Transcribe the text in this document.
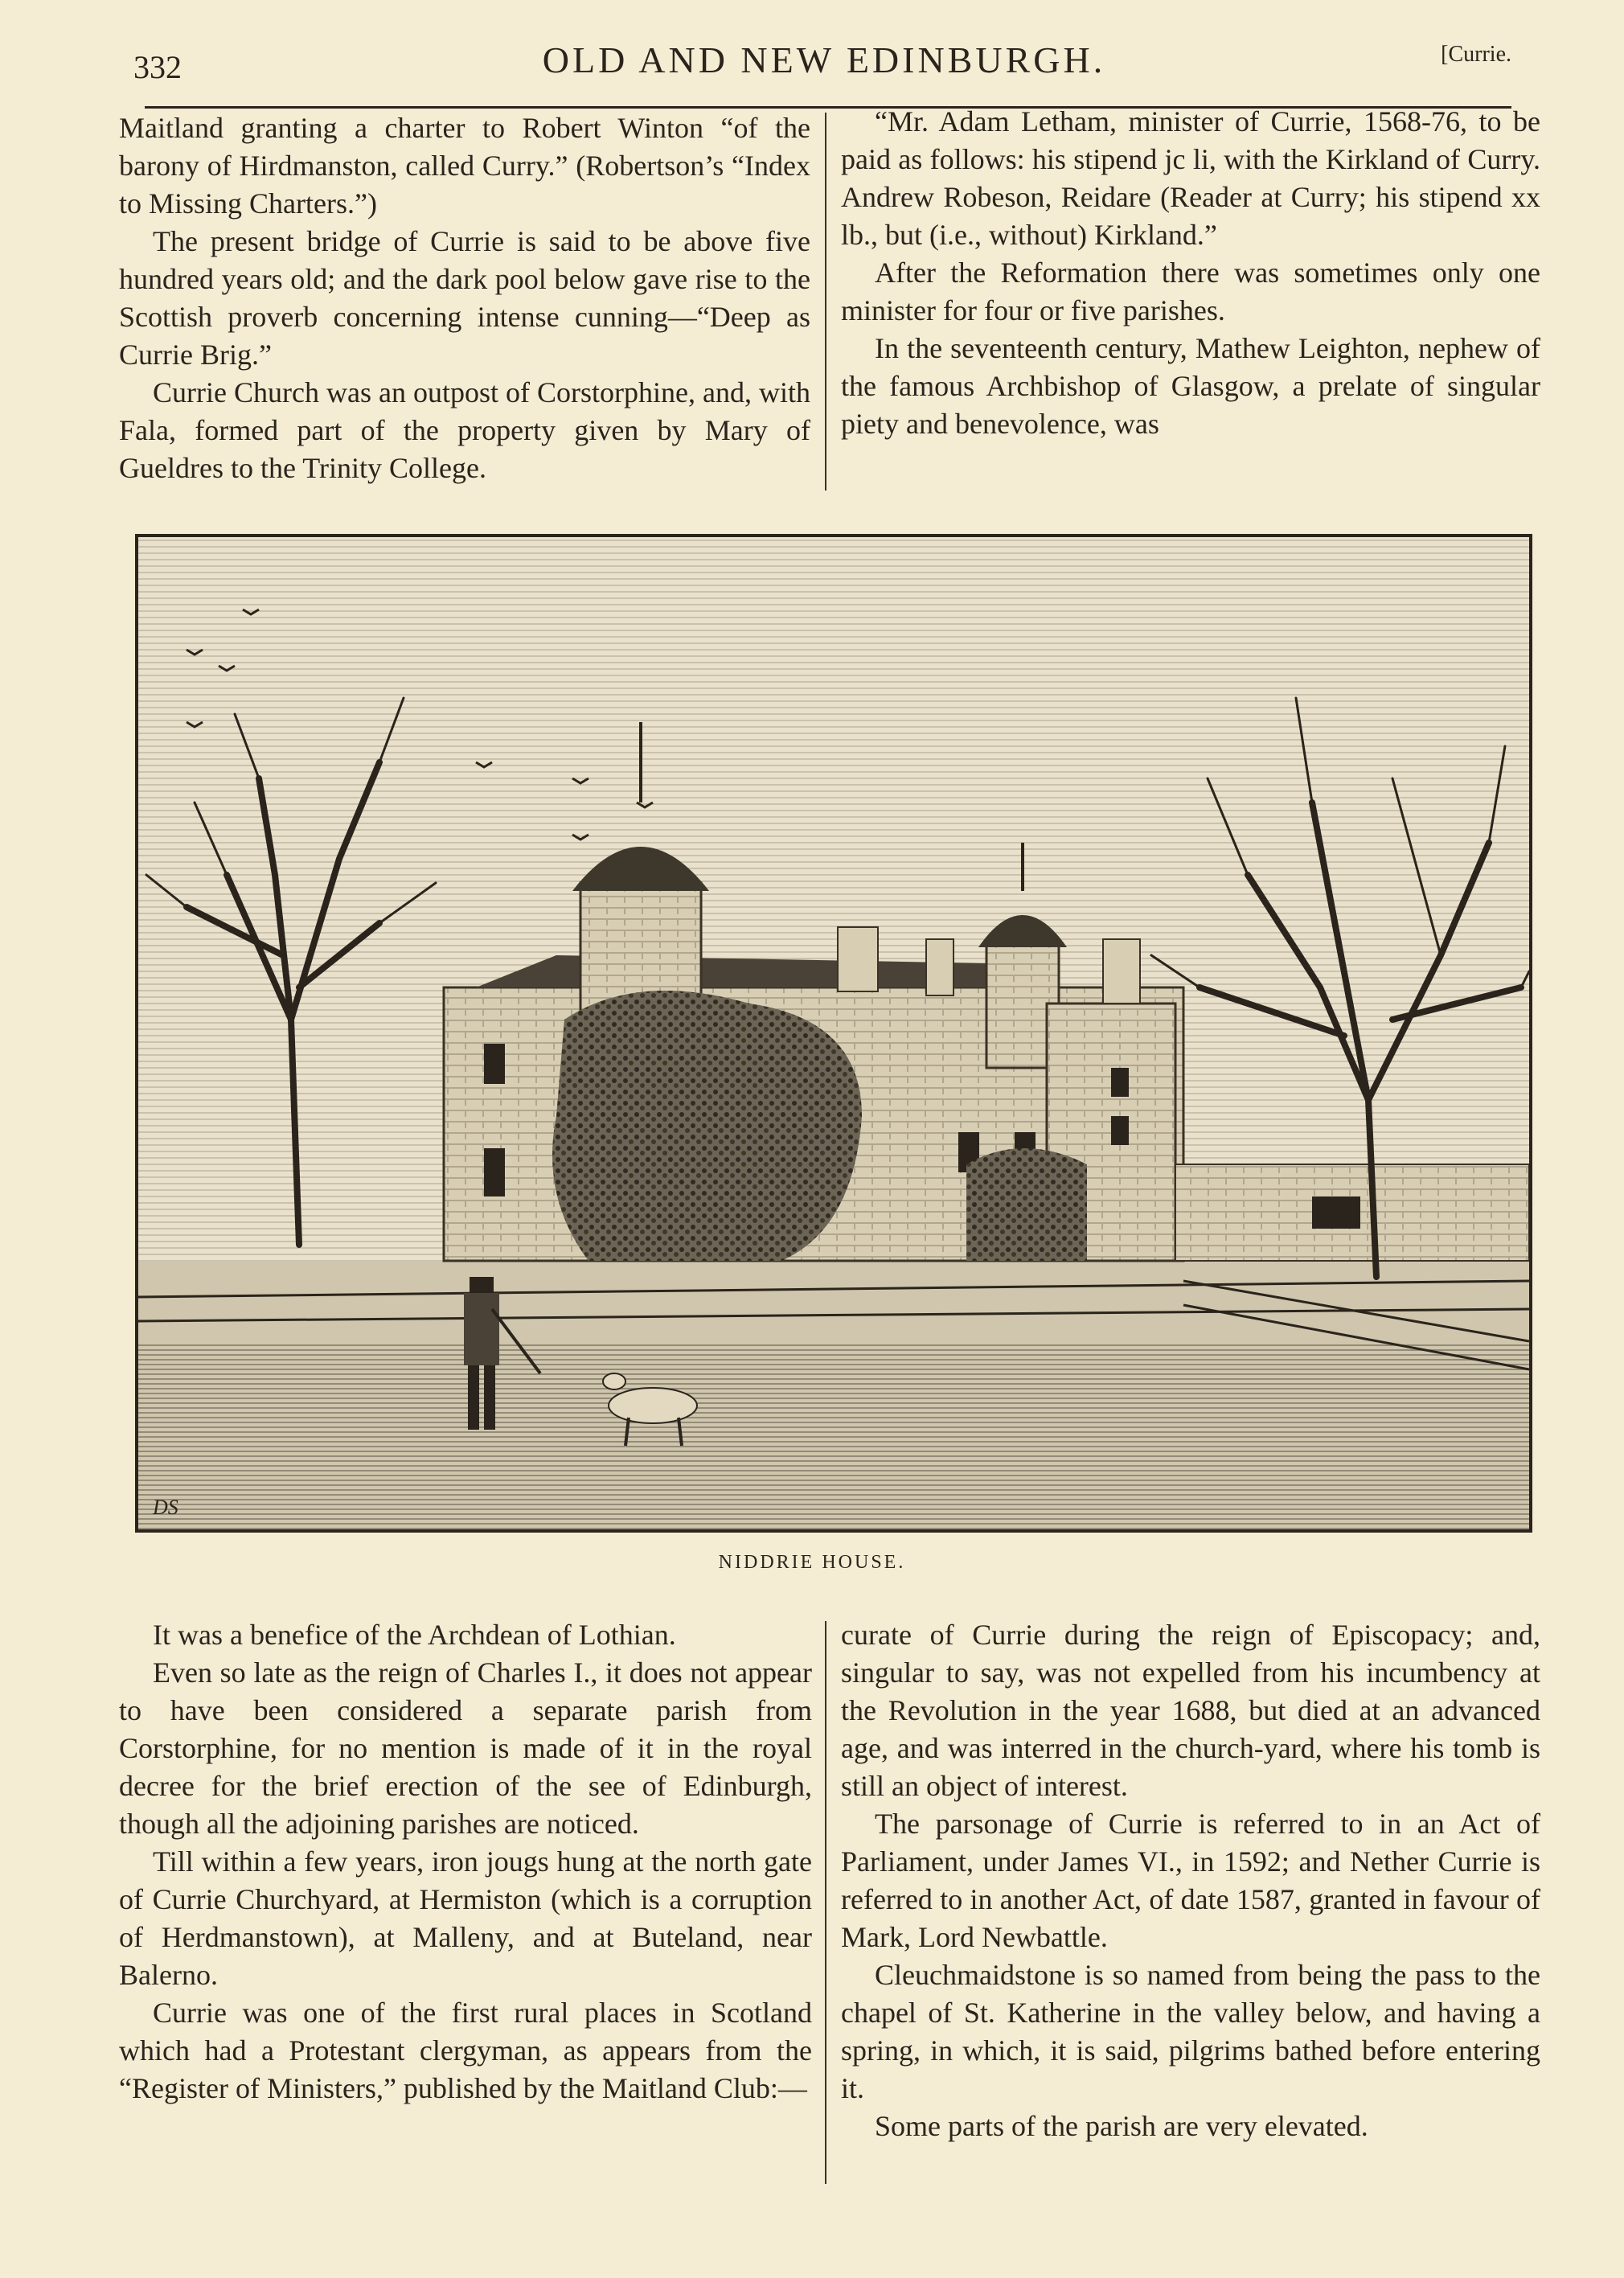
332	OLD AND NEW EDINBURGH.	[Currie.

Maitland granting a charter to Robert Winton “of the barony of Hirdmanston, called Curry.” (Robertson’s “Index to Missing Charters.”)

The present bridge of Currie is said to be above five hundred years old; and the dark pool below gave rise to the Scottish proverb concerning intense cunning—“Deep as Currie Brig.”

Currie Church was an outpost of Corstorphine, and, with Fala, formed part of the property given by Mary of Gueldres to the Trinity College.

“Mr. Adam Letham, minister of Currie, 1568-76, to be paid as follows: his stipend jc li, with the Kirkland of Curry. Andrew Robeson, Reidare (Reader at Curry; his stipend xx lb., but (i.e., without) Kirkland.”

After the Reformation there was sometimes only one minister for four or five parishes.

In the seventeenth century, Mathew Leighton, nephew of the famous Archbishop of Glasgow, a prelate of singular piety and benevolence, was

DS
NIDDRIE HOUSE.

It was a benefice of the Archdean of Lothian.

Even so late as the reign of Charles I., it does not appear to have been considered a separate parish from Corstorphine, for no mention is made of it in the royal decree for the brief erection of the see of Edinburgh, though all the adjoining parishes are noticed.

Till within a few years, iron jougs hung at the north gate of Currie Churchyard, at Hermiston (which is a corruption of Herdmanstown), at Malleny, and at Buteland, near Balerno.

Currie was one of the first rural places in Scotland which had a Protestant clergyman, as appears from the “Register of Ministers,” published by the Maitland Club:—

curate of Currie during the reign of Episcopacy; and, singular to say, was not expelled from his incumbency at the Revolution in the year 1688, but died at an advanced age, and was interred in the church-yard, where his tomb is still an object of interest.

The parsonage of Currie is referred to in an Act of Parliament, under James VI., in 1592; and Nether Currie is referred to in another Act, of date 1587, granted in favour of Mark, Lord Newbattle.

Cleuchmaidstone is so named from being the pass to the chapel of St. Katherine in the valley below, and having a spring, in which, it is said, pilgrims bathed before entering it.

Some parts of the parish are very elevated.
